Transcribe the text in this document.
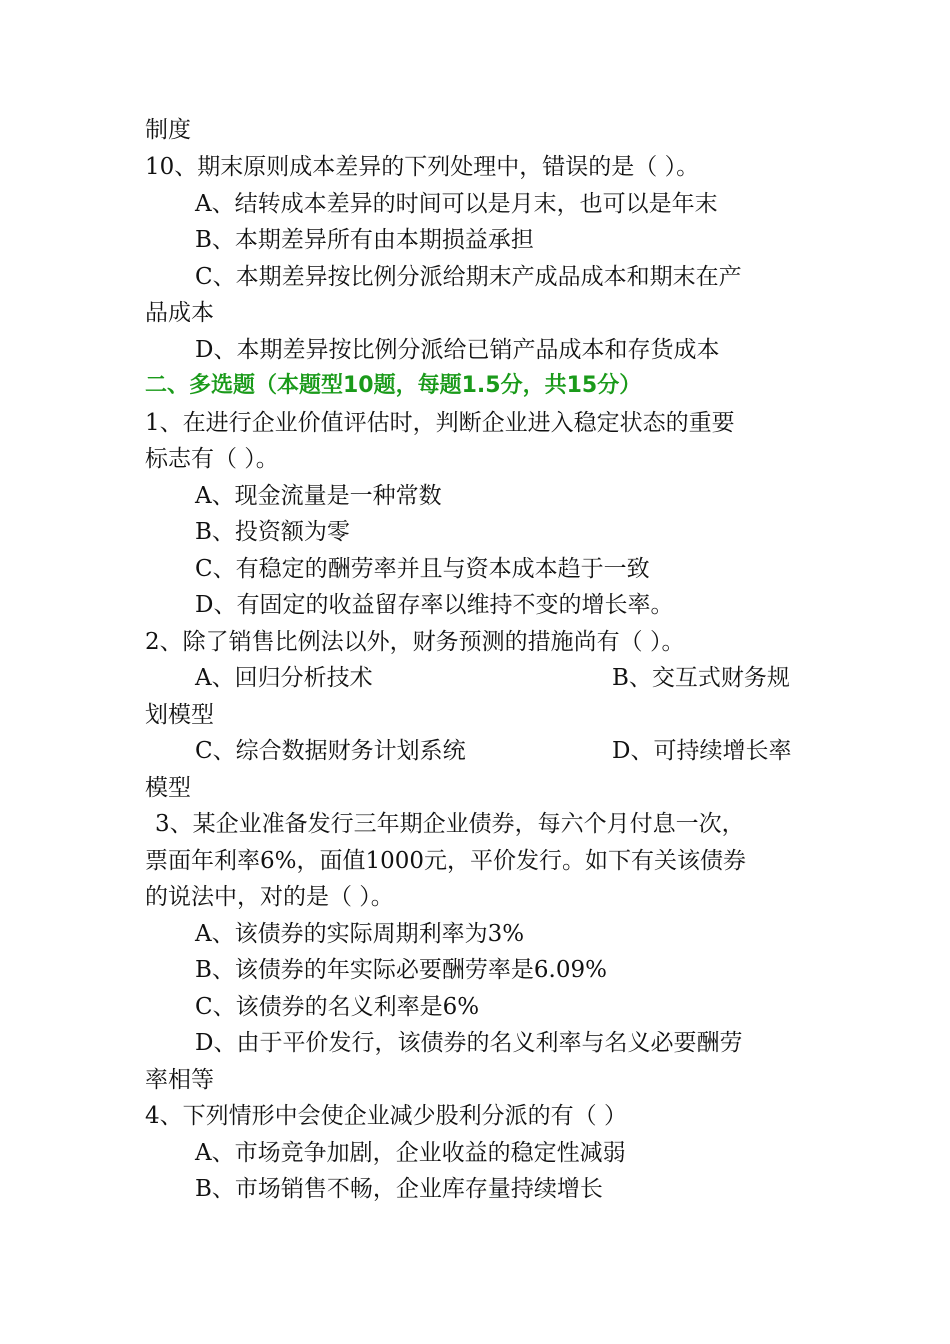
制度
10、期末原则成本差异的下列处理中，错误的是（ ）。
A、结转成本差异的时间可以是月末，也可以是年末
B、本期差异所有由本期损益承担
C、本期差异按比例分派给期末产成品成本和期末在产
品成本
D、本期差异按比例分派给已销产品成本和存货成本
二、多选题（本题型10题，每题1.5分，共15分）
1、在进行企业价值评估时，判断企业进入稳定状态的重要
标志有（ ）。
A、现金流量是一种常数
B、投资额为零
C、有稳定的酬劳率并且与资本成本趋于一致
D、有固定的收益留存率以维持不变的增长率。
2、除了销售比例法以外，财务预测的措施尚有（ ）。
A、回归分析技术	B、交互式财务规
划模型
C、综合数据财务计划系统	D、可持续增长率
模型
3、某企业准备发行三年期企业债券，每六个月付息一次，
票面年利率6%，面值1000元，平价发行。如下有关该债券
的说法中，对的是（ ）。
A、该债券的实际周期利率为3%
B、该债券的年实际必要酬劳率是6.09%
C、该债券的名义利率是6%
D、由于平价发行，该债券的名义利率与名义必要酬劳
率相等
4、下列情形中会使企业减少股利分派的有（ ）
A、市场竞争加剧，企业收益的稳定性减弱
B、市场销售不畅，企业库存量持续增长
